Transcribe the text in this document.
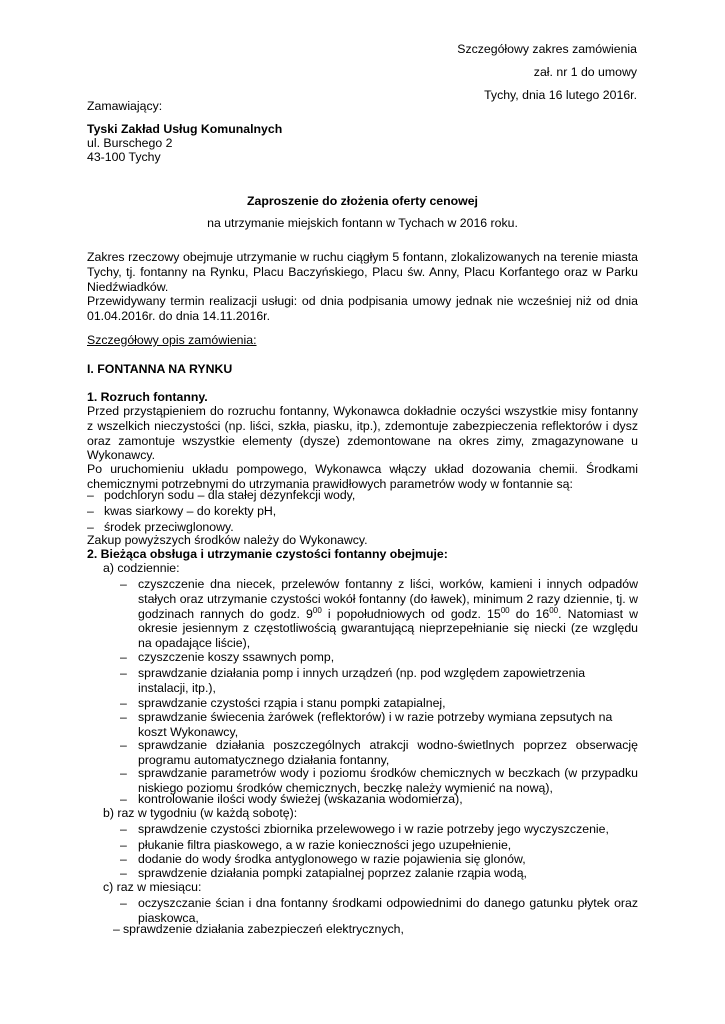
Szczegółowy zakres zamówienia
zał. nr 1 do umowy
Tychy, dnia 16 lutego 2016r.
Zamawiający:
Tyski Zakład Usług Komunalnych
ul. Burschego 2
43-100 Tychy
Zaproszenie do złożenia oferty cenowej
na utrzymanie miejskich fontann w Tychach w 2016 roku.
Zakres rzeczowy obejmuje utrzymanie w ruchu ciągłym 5 fontann, zlokalizowanych na terenie miasta Tychy, tj. fontanny na Rynku, Placu Baczyńskiego, Placu św. Anny, Placu Korfantego oraz w Parku Niedźwiadków.
Przewidywany termin realizacji usługi: od dnia podpisania umowy jednak nie wcześniej niż od dnia 01.04.2016r. do dnia 14.11.2016r.
Szczegółowy opis zamówienia:
I. FONTANNA NA RYNKU
1. Rozruch fontanny.
Przed przystąpieniem do rozruchu fontanny, Wykonawca dokładnie oczyści wszystkie misy fontanny z wszelkich nieczystości (np. liści, szkła, piasku, itp.), zdemontuje zabezpieczenia reflektorów i dysz oraz zamontuje wszystkie elementy (dysze) zdemontowane na okres zimy, zmagazynowane u Wykonawcy.
Po uruchomieniu układu pompowego, Wykonawca włączy układ dozowania chemii. Środkami chemicznymi potrzebnymi do utrzymania prawidłowych parametrów wody w fontannie są:
– podchloryn sodu – dla stałej dezynfekcji wody,
– kwas siarkowy – do korekty pH,
– środek przeciwglonowy.
Zakup powyższych środków należy do Wykonawcy.
2. Bieżąca obsługa i utrzymanie czystości fontanny obejmuje:
a) codziennie:
– czyszczenie dna niecek, przelewów fontanny z liści, worków, kamieni i innych odpadów stałych oraz utrzymanie czystości wokół fontanny (do ławek), minimum 2 razy dziennie, tj. w godzinach rannych do godz. $9^{00}$ i popołudniowych od godz. $15^{00}$ do $16^{00}$. Natomiast w okresie jesiennym z częstotliwością gwarantującą nieprzepełnianie się niecki (ze względu na opadające liście),
– czyszczenie koszy ssawnych pomp,
– sprawdzanie działania pomp i innych urządzeń (np. pod względem zapowietrzenia instalacji, itp.),
– sprawdzanie czystości rząpia i stanu pompki zatapialnej,
– sprawdzanie świecenia żarówek (reflektorów) i w razie potrzeby wymiana zepsutych na koszt Wykonawcy,
– sprawdzanie działania poszczególnych atrakcji wodno-świetlnych poprzez obserwację programu automatycznego działania fontanny,
– sprawdzanie parametrów wody i poziomu środków chemicznych w beczkach (w przypadku niskiego poziomu środków chemicznych, beczkę należy wymienić na nową),
– kontrolowanie ilości wody świeżej (wskazania wodomierza),
b) raz w tygodniu (w każdą sobotę):
– sprawdzenie czystości zbiornika przelewowego i w razie potrzeby jego wyczyszczenie,
– płukanie filtra piaskowego, a w razie konieczności jego uzupełnienie,
– dodanie do wody środka antyglonowego w razie pojawienia się glonów,
– sprawdzenie działania pompki zatapialnej poprzez zalanie rząpia wodą,
c) raz w miesiącu:
– oczyszczanie ścian i dna fontanny środkami odpowiednimi do danego gatunku płytek oraz piaskowca,
– sprawdzenie działania zabezpieczeń elektrycznych,
